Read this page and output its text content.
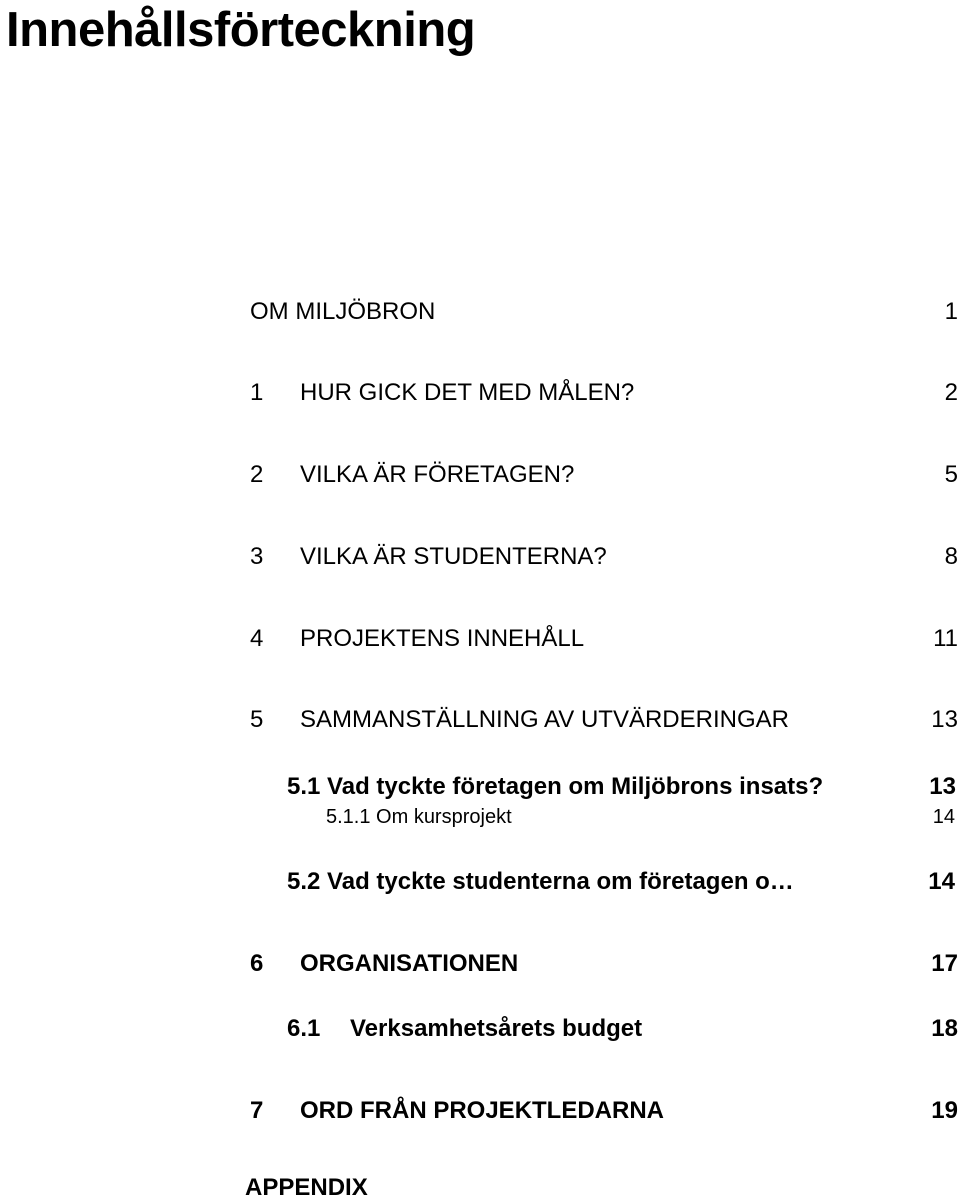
Innehållsförteckning
OM MILJÖBRON	1
1 HUR GICK DET MED MÅLEN?	2
2 VILKA ÄR FÖRETAGEN?	5
3 VILKA ÄR STUDENTERNA?	8
4 PROJEKTENS INNEHÅLL	11
5 SAMMANSTÄLLNING AV UTVÄRDERINGAR	13
5.1 Vad tyckte företagen om Miljöbrons insats?	13
5.1.1 Om kursprojekt	14
5.2 Vad tyckte studenterna om företagen o…	14
6 ORGANISATIONEN	17
6.1 Verksamhetsårets budget	18
7 ORD FRÅN PROJEKTLEDARNA	19
APPENDIX
